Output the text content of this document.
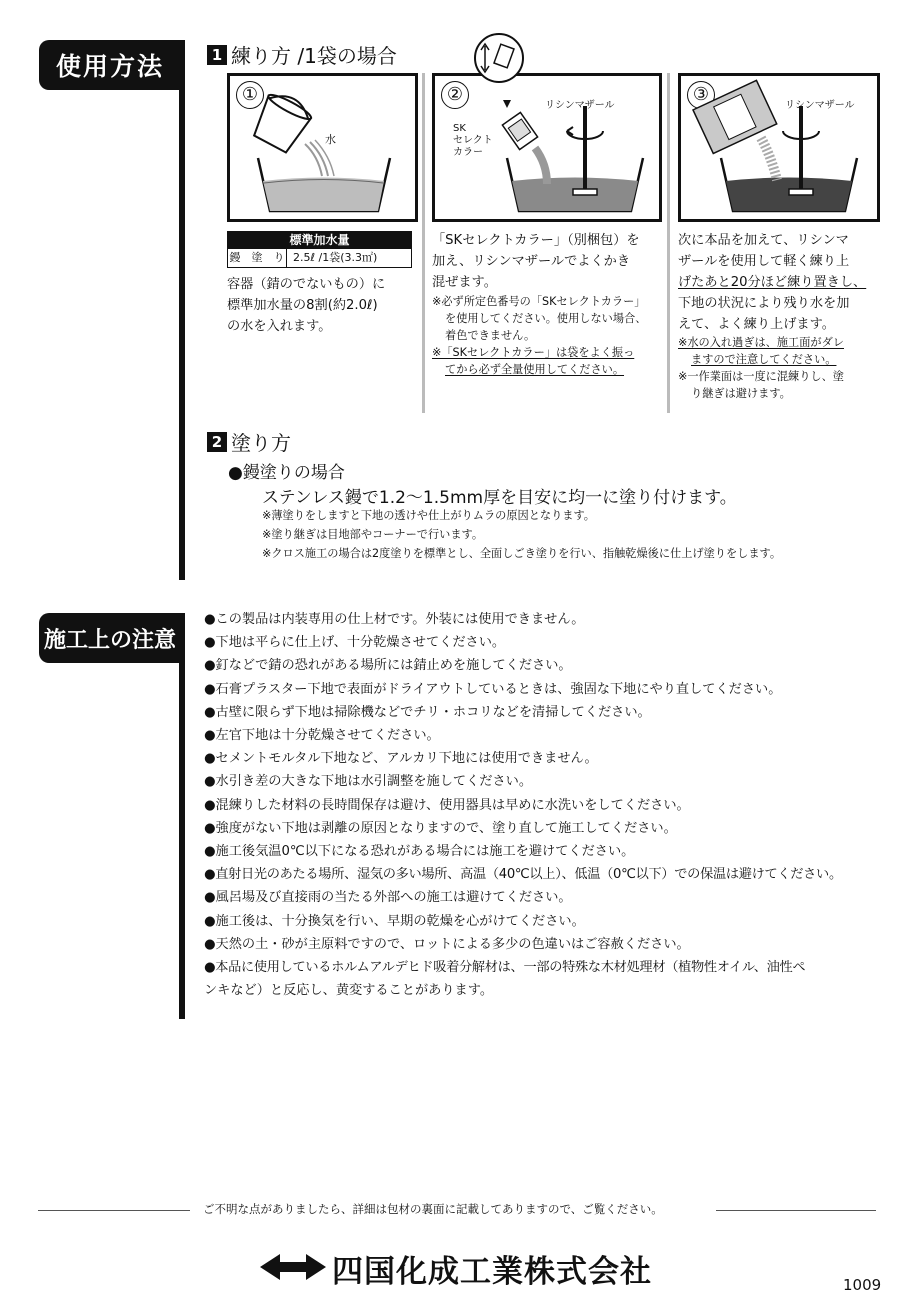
使用方法
施工上の注意
1 練り方 /1袋の場合
①
水
②
SK
セレクト
カラー
リシンマザール
③
リシンマザール
標準加水量
鏝　塗　り 2.5ℓ /1袋(3.3㎡)
容器（錆のでないもの）に
標準加水量の8割(約2.0ℓ)
の水を入れます。
「SKセレクトカラー」（別梱包）を
加え、リシンマザールでよくかき
混ぜます。
※必ず所定色番号の「SKセレクトカラー」
を使用してください。使用しない場合、
着色できません。
※「SKセレクトカラー」は袋をよく振っ
てから必ず全量使用してください。
次に本品を加えて、リシンマ
ザールを使用して軽く練り上
げたあと20分ほど練り置きし、
下地の状況により残り水を加
えて、よく練り上げます。
※水の入れ過ぎは、施工面がダレ
ますので注意してください。
※一作業面は一度に混練りし、塗
り継ぎは避けます。
2 塗り方
●鏝塗りの場合
ステンレス鏝で1.2〜1.5mm厚を目安に均一に塗り付けます。
※薄塗りをしますと下地の透けや仕上がりムラの原因となります。
※塗り継ぎは目地部やコーナーで行います。
※クロス施工の場合は2度塗りを標準とし、全面しごき塗りを行い、指触乾燥後に仕上げ塗りをします。
●この製品は内装専用の仕上材です。外装には使用できません。
●下地は平らに仕上げ、十分乾燥させてください。
●釘などで錆の恐れがある場所には錆止めを施してください。
●石膏プラスター下地で表面がドライアウトしているときは、強固な下地にやり直してください。
●古壁に限らず下地は掃除機などでチリ・ホコリなどを清掃してください。
●左官下地は十分乾燥させてください。
●セメントモルタル下地など、アルカリ下地には使用できません。
●水引き差の大きな下地は水引調整を施してください。
●混練りした材料の長時間保存は避け、使用器具は早めに水洗いをしてください。
●強度がない下地は剥離の原因となりますので、塗り直して施工してください。
●施工後気温0℃以下になる恐れがある場合には施工を避けてください。
●直射日光のあたる場所、湿気の多い場所、高温（40℃以上）、低温（0℃以下）での保温は避けてください。
●風呂場及び直接雨の当たる外部への施工は避けてください。
●施工後は、十分換気を行い、早期の乾燥を心がけてください。
●天然の土・砂が主原料ですので、ロットによる多少の色違いはご容赦ください。
●本品に使用しているホルムアルデヒド吸着分解材は、一部の特殊な木材処理材（植物性オイル、油性ペ
ンキなど）と反応し、黄変することがあります。
ご不明な点がありましたら、詳細は包材の裏面に記載してありますので、ご覧ください。
四国化成工業株式会社	1009
